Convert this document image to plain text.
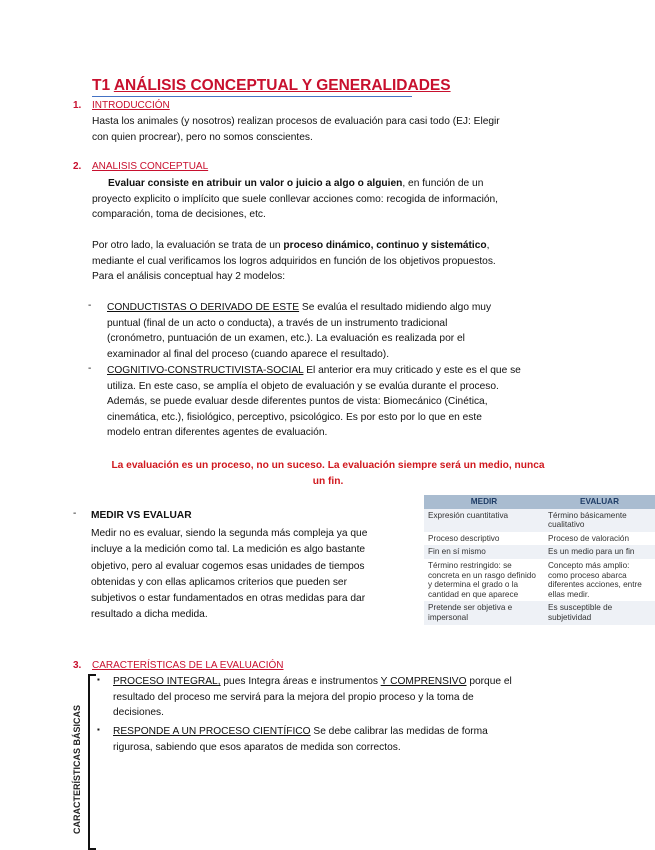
T1 ANÁLISIS CONCEPTUAL Y GENERALIDADES
1. INTRODUCCIÓN
Hasta los animales (y nosotros) realizan procesos de evaluación para casi todo (EJ: Elegir
con quien procrear), pero no somos conscientes.
2. ANALISIS CONCEPTUAL
Evaluar consiste en atribuir un valor o juicio a algo o alguien, en función de un
proyecto explicito o implícito que suele conllevar acciones como: recogida de información,
comparación, toma de decisiones, etc.
Por otro lado, la evaluación se trata de un proceso dinámico, continuo y sistemático,
mediante el cual verificamos los logros adquiridos en función de los objetivos propuestos.
Para el análisis conceptual hay 2 modelos:
- CONDUCTISTAS O DERIVADO DE ESTE Se evalúa el resultado midiendo algo muy
puntual (final de un acto o conducta), a través de un instrumento tradicional
(cronómetro, puntuación de un examen, etc.). La evaluación es realizada por el
examinador al final del proceso (cuando aparece el resultado).
- COGNITIVO-CONSTRUCTIVISTA-SOCIAL El anterior era muy criticado y este es el que se
utiliza. En este caso, se amplía el objeto de evaluación y se evalúa durante el proceso.
Además, se puede evaluar desde diferentes puntos de vista: Biomecánico (Cinética,
cinemática, etc.), fisiológico, perceptivo, psicológico. Es por esto por lo que en este
modelo entran diferentes agentes de evaluación.
La evaluación es un proceso, no un suceso. La evaluación siempre será un medio, nunca
un fin.
- MEDIR VS EVALUAR
Medir no es evaluar, siendo la segunda más compleja ya que
incluye a la medición como tal. La medición es algo bastante
objetivo, pero al evaluar cogemos esas unidades de tiempos
obtenidas y con ellas aplicamos criterios que pueden ser
subjetivos o estar fundamentados en otras medidas para dar
resultado a dicha medida.
MEDIR	EVALUAR
Expresión cuantitativa	Término básicamente cualitativo
Proceso descriptivo	Proceso de valoración
Fin en sí mismo	Es un medio para un fin
Término restringido: se concreta en un rasgo definido y determina el grado o la cantidad en que aparece	Concepto más amplio: como proceso abarca diferentes acciones, entre ellas medir.
Pretende ser objetiva e impersonal	Es susceptible de subjetividad
3. CARACTERÍSTICAS DE LA EVALUACIÓN
CARACTERÍSTICAS BÁSICAS
▪ PROCESO INTEGRAL, pues Integra áreas e instrumentos Y COMPRENSIVO porque el
resultado del proceso me servirá para la mejora del propio proceso y la toma de
decisiones.
▪ RESPONDE A UN PROCESO CIENTÍFICO Se debe calibrar las medidas de forma
rigurosa, sabiendo que esos aparatos de medida son correctos.
